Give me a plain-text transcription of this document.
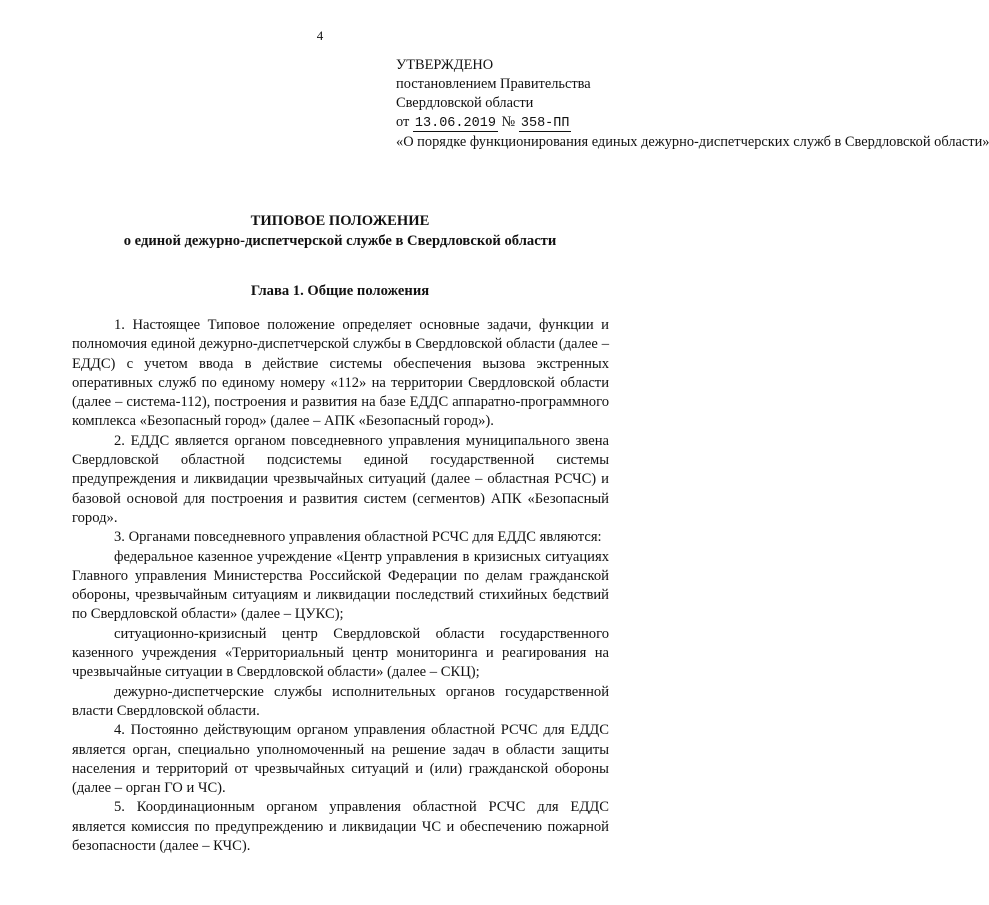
4
УТВЕРЖДЕНО
постановлением Правительства
Свердловской области
от 13.06.2019 № 358-ПП
«О порядке функционирования единых дежурно-диспетчерских служб в Свердловской области»
ТИПОВОЕ ПОЛОЖЕНИЕ
о единой дежурно-диспетчерской службе в Свердловской области
Глава 1. Общие положения

1. Настоящее Типовое положение определяет основные задачи, функции и полномочия единой дежурно-диспетчерской службы в Свердловской области (далее – ЕДДС) с учетом ввода в действие системы обеспечения вызова экстренных оперативных служб по единому номеру «112» на территории Свердловской области (далее – система-112), построения и развития на базе ЕДДС аппаратно-программного комплекса «Безопасный город» (далее – АПК «Безопасный город»).

2. ЕДДС является органом повседневного управления муниципального звена Свердловской областной подсистемы единой государственной системы предупреждения и ликвидации чрезвычайных ситуаций (далее – областная РСЧС) и базовой основой для построения и развития систем (сегментов) АПК «Безопасный город».

3. Органами повседневного управления областной РСЧС для ЕДДС являются:

федеральное казенное учреждение «Центр управления в кризисных ситуациях Главного управления Министерства Российской Федерации по делам гражданской обороны, чрезвычайным ситуациям и ликвидации последствий стихийных бедствий по Свердловской области» (далее – ЦУКС);

ситуационно-кризисный центр Свердловской области государственного казенного учреждения «Территориальный центр мониторинга и реагирования на чрезвычайные ситуации в Свердловской области» (далее – СКЦ);

дежурно-диспетчерские службы исполнительных органов государственной власти Свердловской области.

4. Постоянно действующим органом управления областной РСЧС для ЕДДС является орган, специально уполномоченный на решение задач в области защиты населения и территорий от чрезвычайных ситуаций и (или) гражданской обороны (далее – орган ГО и ЧС).

5. Координационным органом управления областной РСЧС для ЕДДС является комиссия по предупреждению и ликвидации ЧС и обеспечению пожарной безопасности (далее – КЧС).
